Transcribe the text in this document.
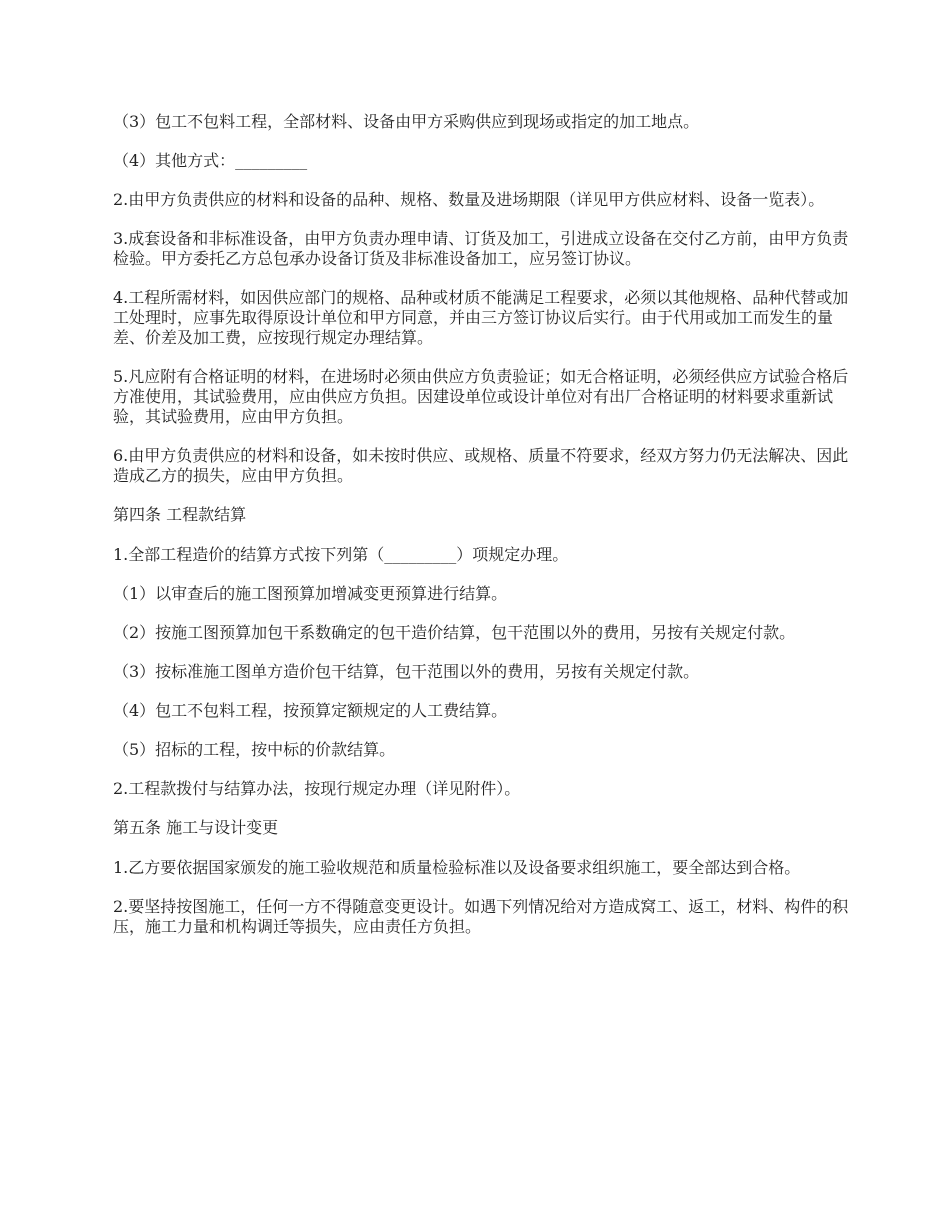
（3）包工不包料工程，全部材料、设备由甲方采购供应到现场或指定的加工地点。

（4）其他方式：_________

2.由甲方负责供应的材料和设备的品种、规格、数量及进场期限（详见甲方供应材料、设备一览表）。

3.成套设备和非标准设备，由甲方负责办理申请、订货及加工，引进成立设备在交付乙方前，由甲方负责检验。甲方委托乙方总包承办设备订货及非标准设备加工，应另签订协议。

4.工程所需材料，如因供应部门的规格、品种或材质不能满足工程要求，必须以其他规格、品种代替或加工处理时，应事先取得原设计单位和甲方同意，并由三方签订协议后实行。由于代用或加工而发生的量差、价差及加工费，应按现行规定办理结算。

5.凡应附有合格证明的材料，在进场时必须由供应方负责验证；如无合格证明，必须经供应方试验合格后方准使用，其试验费用，应由供应方负担。因建设单位或设计单位对有出厂合格证明的材料要求重新试验，其试验费用，应由甲方负担。

6.由甲方负责供应的材料和设备，如未按时供应、或规格、质量不符要求，经双方努力仍无法解决、因此造成乙方的损失，应由甲方负担。

第四条 工程款结算

1.全部工程造价的结算方式按下列第（_________）项规定办理。

（1）以审查后的施工图预算加增减变更预算进行结算。

（2）按施工图预算加包干系数确定的包干造价结算，包干范围以外的费用，另按有关规定付款。

（3）按标准施工图单方造价包干结算，包干范围以外的费用，另按有关规定付款。

（4）包工不包料工程，按预算定额规定的人工费结算。

（5）招标的工程，按中标的价款结算。

2.工程款拨付与结算办法，按现行规定办理（详见附件）。

第五条 施工与设计变更

1.乙方要依据国家颁发的施工验收规范和质量检验标准以及设备要求组织施工，要全部达到合格。

2.要坚持按图施工，任何一方不得随意变更设计。如遇下列情况给对方造成窝工、返工，材料、构件的积压，施工力量和机构调迁等损失，应由责任方负担。
